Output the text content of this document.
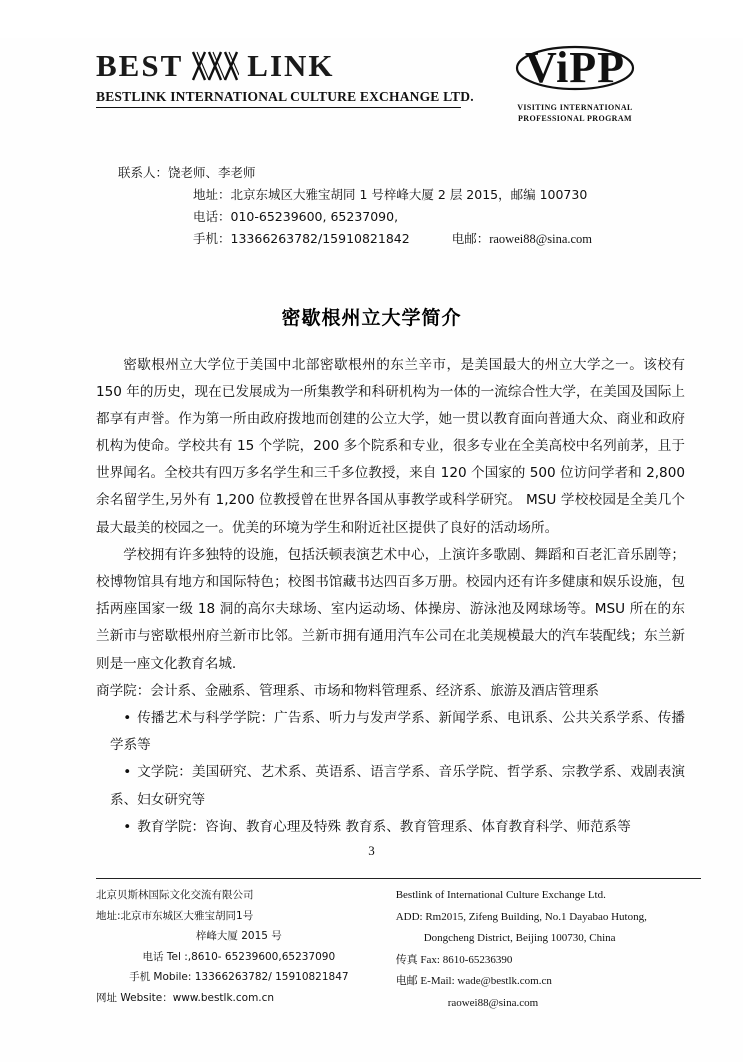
BEST LINK
BESTLINK INTERNATIONAL CULTURE EXCHANGE LTD.
ViPP
VISITING INTERNATIONAL
PROFESSIONAL PROGRAM
联系人：饶老师、李老师
地址：北京东城区大雅宝胡同 1 号梓峰大厦 2 层 2015，邮编 100730
电话：010-65239600, 65237090,
手机：13366263782/15910821842	电邮：raowei88@sina.com
密歇根州立大学简介

密歇根州立大学位于美国中北部密歇根州的东兰辛市，是美国最大的州立大学之一。该校有 150 年的历史，现在已发展成为一所集教学和科研机构为一体的一流综合性大学，在美国及国际上都享有声誉。作为第一所由政府拨地而创建的公立大学，她一贯以教育面向普通大众、商业和政府机构为使命。学校共有 15 个学院，200 多个院系和专业，很多专业在全美高校中名列前茅，且于世界闻名。全校共有四万多名学生和三千多位教授，来自 120 个国家的 500 位访问学者和 2,800 余名留学生,另外有 1,200 位教授曾在世界各国从事教学或科学研究。 MSU 学校校园是全美几个最大最美的校园之一。优美的环境为学生和附近社区提供了良好的活动场所。

学校拥有许多独特的设施，包括沃顿表演艺术中心，上演许多歌剧、舞蹈和百老汇音乐剧等；校博物馆具有地方和国际特色；校图书馆藏书达四百多万册。校园内还有许多健康和娱乐设施，包括两座国家一级 18 洞的高尔夫球场、室内运动场、体操房、游泳池及网球场等。MSU 所在的东兰新市与密歇根州府兰新市比邻。兰新市拥有通用汽车公司在北美规模最大的汽车装配线；东兰新则是一座文化教育名城.

商学院：会计系、金融系、管理系、市场和物料管理系、经济系、旅游及酒店管理系

• 传播艺术与科学学院：广告系、听力与发声学系、新闻学系、电讯系、公共关系学系、传播学系等

• 文学院：美国研究、艺术系、英语系、语言学系、音乐学院、哲学系、宗教学系、戏剧表演系、妇女研究等

• 教育学院：咨询、教育心理及特殊 教育系、教育管理系、体育教育科学、师范系等

3
北京贝斯林国际文化交流有限公司
地址:北京市东城区大雅宝胡同1号
梓峰大厦 2015 号
电话 Tel :,8610- 65239600,65237090
手机 Mobile: 13366263782/ 15910821847
网址 Website：www.bestlk.com.cn
Bestlink of International Culture Exchange Ltd.
ADD: Rm2015, Zifeng Building, No.1 Dayabao Hutong,
Dongcheng District, Beijing 100730, China
传真 Fax: 8610-65236390
电邮 E-Mail: wade@bestlk.com.cn
raowei88@sina.com
